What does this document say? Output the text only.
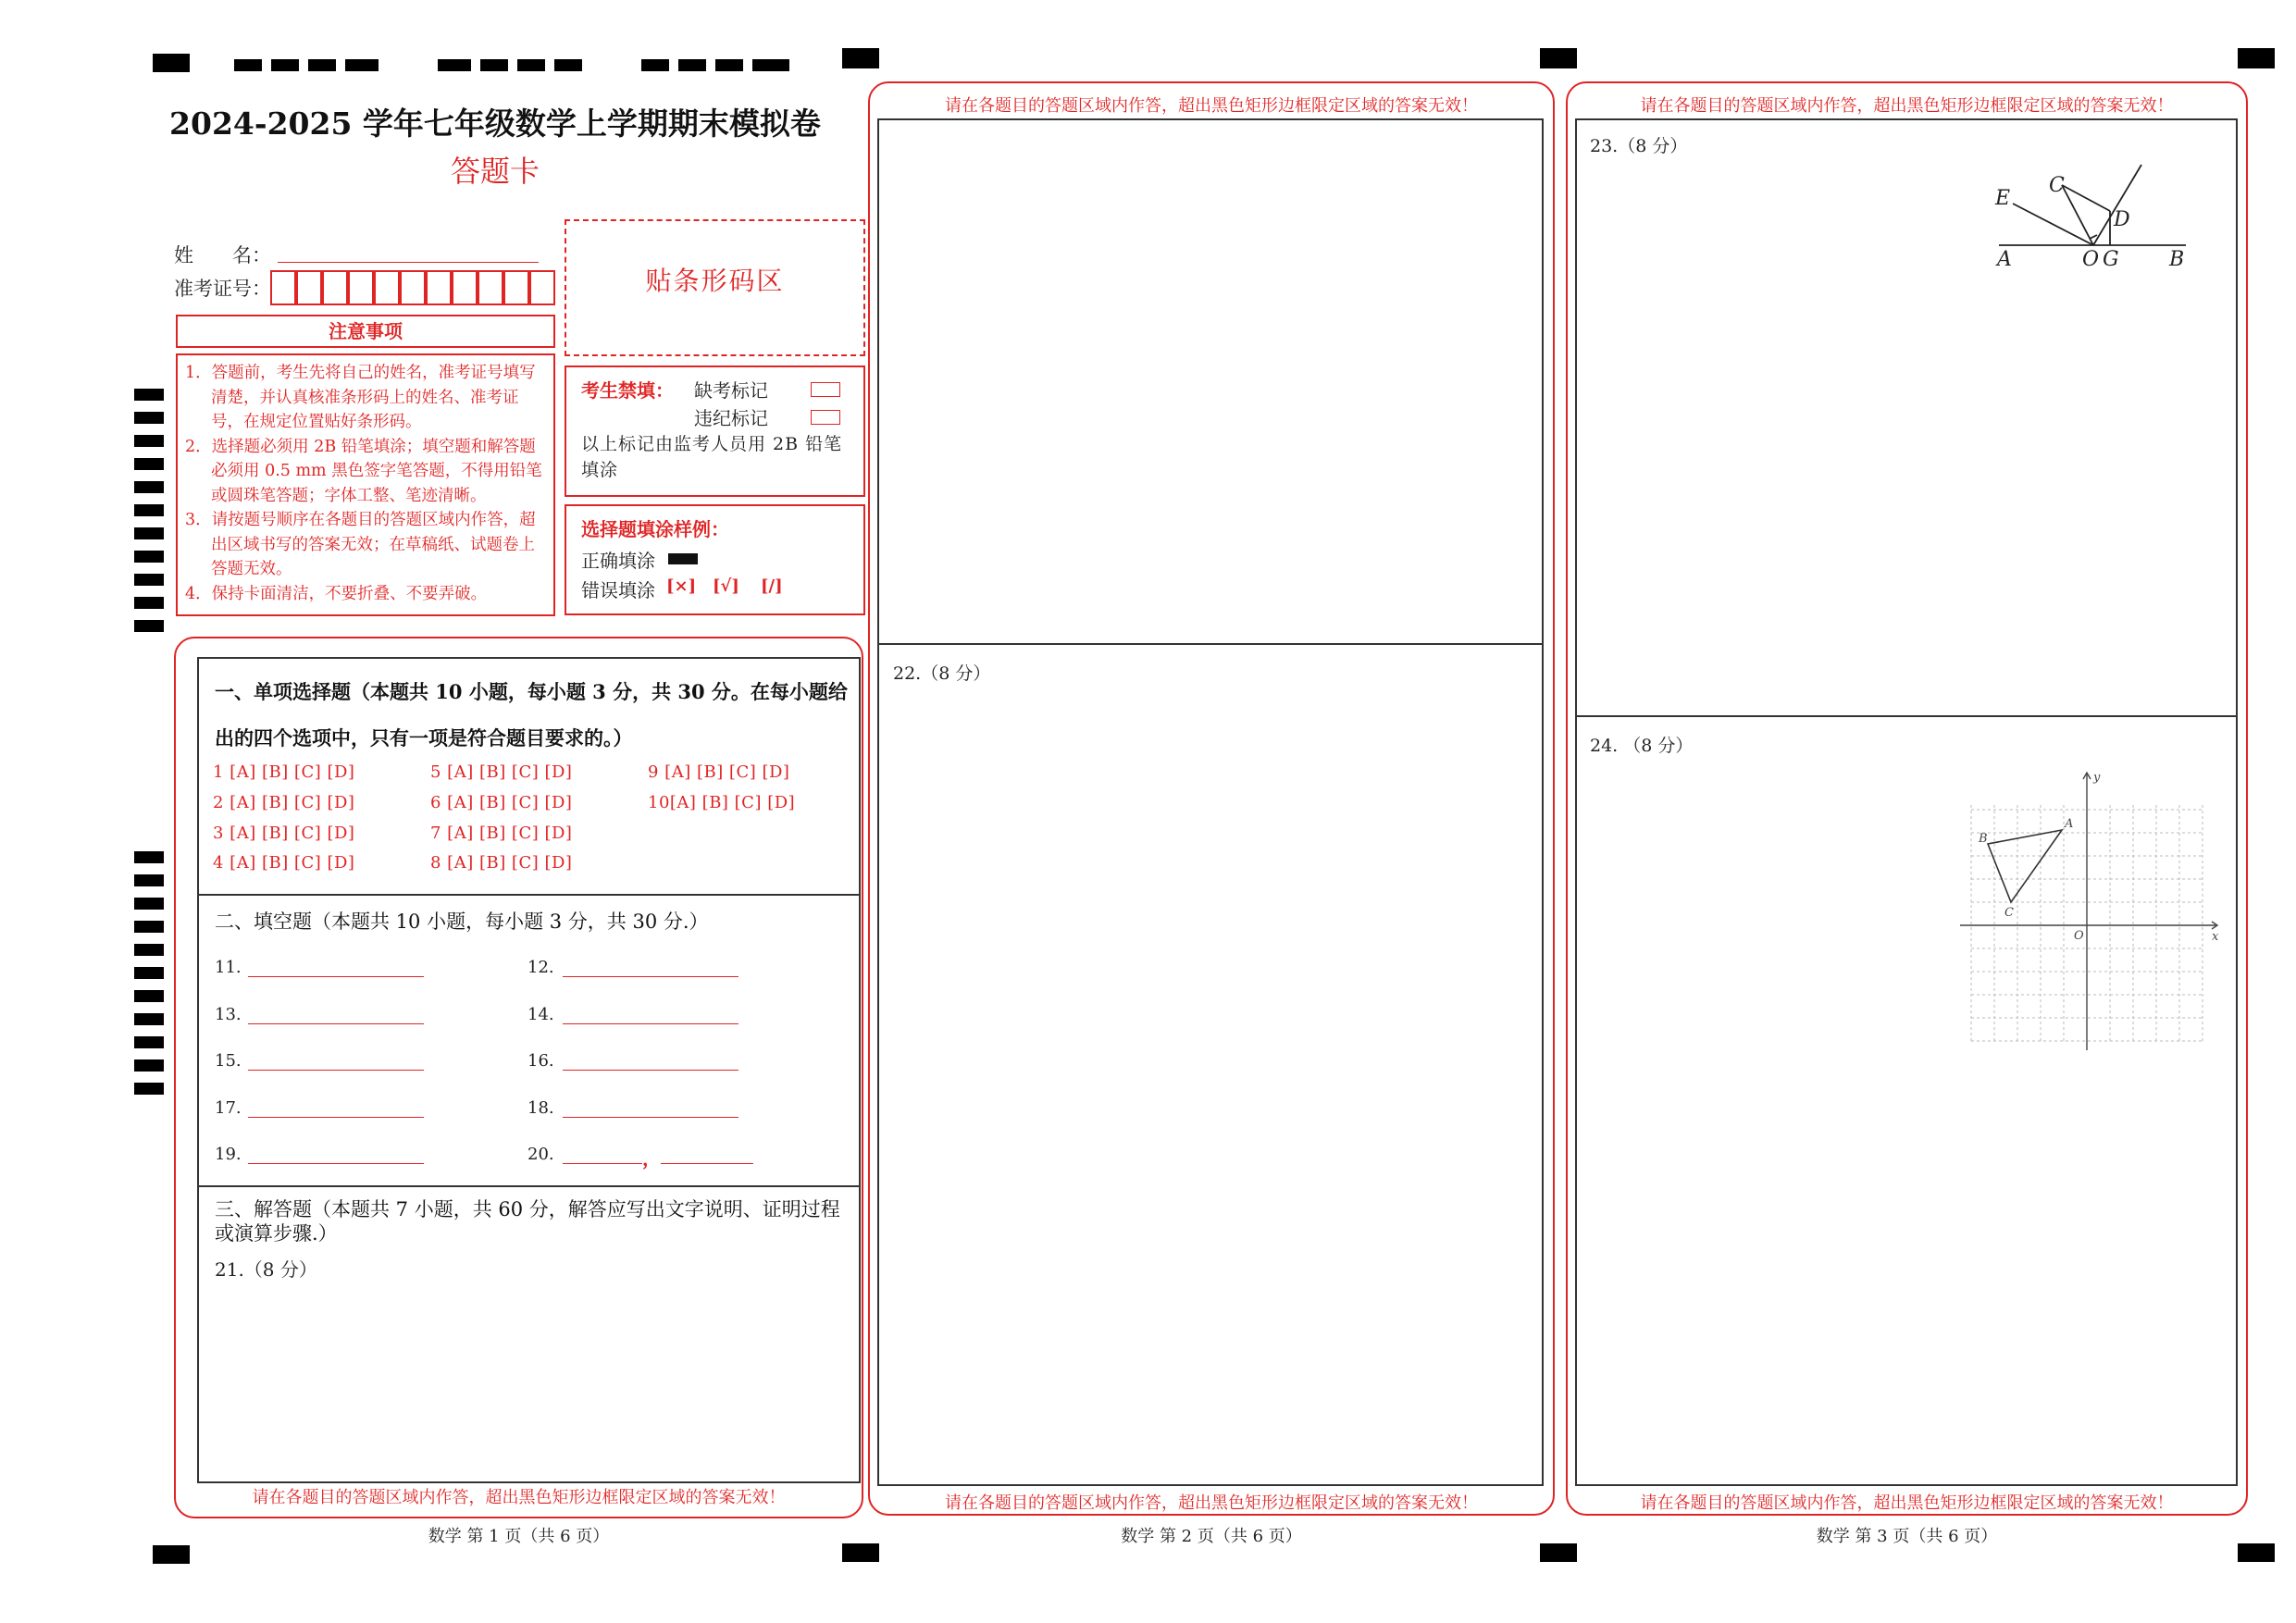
2024-2025 学年七年级数学上学期期末模拟卷
答题卡
姓　　名：
准考证号：	贴条形码区
注意事项

1．答题前，考生先将自己的姓名，准考证号填写清楚，并认真核准条形码上的姓名、准考证号，在规定位置贴好条形码。

2．选择题必须用 2B 铅笔填涂；填空题和解答题必须用 0.5 mm 黑色签字笔答题，不得用铅笔或圆珠笔答题；字体工整、笔迹清晰。

3．请按题号顺序在各题目的答题区域内作答，超出区域书写的答案无效；在草稿纸、试题卷上答题无效。

4．保持卡面清洁，不要折叠、不要弄破。

考生禁填： 缺考标记
违纪标记
以上标记由监考人员用 2B 铅笔填涂
选择题填涂样例：
正确填涂
错误填涂 [×] [√] [/]
一、单项选择题（本题共 10 小题，每小题 3 分，共 30 分。在每小题给
出的四个选项中，只有一项是符合题目要求的。）
1 [A] [B] [C] [D]
2 [A] [B] [C] [D]
3 [A] [B] [C] [D]
4 [A] [B] [C] [D]
5 [A] [B] [C] [D]
6 [A] [B] [C] [D]
7 [A] [B] [C] [D]
8 [A] [B] [C] [D]
9 [A] [B] [C] [D]
10[A] [B] [C] [D]
二、填空题（本题共 10 小题，每小题 3 分，共 30 分.）
11.	12.
13.	14.
15.	16.
17.	18.
19.	20.	，
三、解答题（本题共 7 小题，共 60 分，解答应写出文字说明、证明过程
或演算步骤.）
21.（8 分）
请在各题目的答题区域内作答，超出黑色矩形边框限定区域的答案无效！
数学 第 1 页（共 6 页）
请在各题目的答题区域内作答，超出黑色矩形边框限定区域的答案无效！
22.（8 分）
请在各题目的答题区域内作答，超出黑色矩形边框限定区域的答案无效！
数学 第 2 页（共 6 页）
请在各题目的答题区域内作答，超出黑色矩形边框限定区域的答案无效！
23.（8 分）
24. （8 分）
E
C
D
A	O G B
y
A
B
C
O	x
请在各题目的答题区域内作答，超出黑色矩形边框限定区域的答案无效！
数学 第 3 页（共 6 页）
